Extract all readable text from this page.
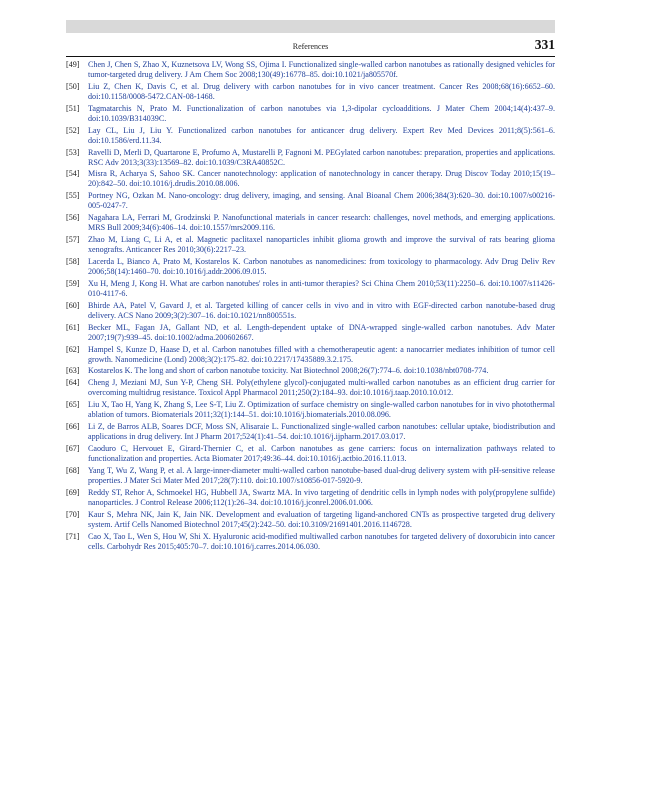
References	331
[49]	Chen J, Chen S, Zhao X, Kuznetsova LV, Wong SS, Ojima I. Functionalized single-walled carbon nanotubes as rationally designed vehicles for tumor-targeted drug delivery. J Am Chem Soc 2008;130(49):16778–85. doi:10.1021/ja805570f.
[50]	Liu Z, Chen K, Davis C, et al. Drug delivery with carbon nanotubes for in vivo cancer treatment. Cancer Res 2008;68(16):6652–60. doi:10.1158/0008-5472.CAN-08-1468.
[51]	Tagmatarchis N, Prato M. Functionalization of carbon nanotubes via 1,3-dipolar cycloadditions. J Mater Chem 2004;14(4):437–9. doi:10.1039/B314039C.
[52]	Lay CL, Liu J, Liu Y. Functionalized carbon nanotubes for anticancer drug delivery. Expert Rev Med Devices 2011;8(5):561–6. doi:10.1586/erd.11.34.
[53]	Ravelli D, Merli D, Quartarone E, Profumo A, Mustarelli P, Fagnoni M. PEGylated carbon nanotubes: preparation, properties and applications. RSC Adv 2013;3(33):13569–82. doi:10.1039/C3RA40852C.
[54]	Misra R, Acharya S, Sahoo SK. Cancer nanotechnology: application of nanotechnology in cancer therapy. Drug Discov Today 2010;15(19–20):842–50. doi:10.1016/j.drudis.2010.08.006.
[55]	Portney NG, Ozkan M. Nano-oncology: drug delivery, imaging, and sensing. Anal Bioanal Chem 2006;384(3):620–30. doi:10.1007/s00216-005-0247-7.
[56]	Nagahara LA, Ferrari M, Grodzinski P. Nanofunctional materials in cancer research: challenges, novel methods, and emerging applications. MRS Bull 2009;34(6):406–14. doi:10.1557/mrs2009.116.
[57]	Zhao M, Liang C, Li A, et al. Magnetic paclitaxel nanoparticles inhibit glioma growth and improve the survival of rats bearing glioma xenografts. Anticancer Res 2010;30(6):2217–23.
[58]	Lacerda L, Bianco A, Prato M, Kostarelos K. Carbon nanotubes as nanomedicines: from toxicology to pharmacology. Adv Drug Deliv Rev 2006;58(14):1460–70. doi:10.1016/j.addr.2006.09.015.
[59]	Xu H, Meng J, Kong H. What are carbon nanotubes' roles in anti-tumor therapies? Sci China Chem 2010;53(11):2250–6. doi:10.1007/s11426-010-4117-6.
[60]	Bhirde AA, Patel V, Gavard J, et al. Targeted killing of cancer cells in vivo and in vitro with EGF-directed carbon nanotube-based drug delivery. ACS Nano 2009;3(2):307–16. doi:10.1021/nn800551s.
[61]	Becker ML, Fagan JA, Gallant ND, et al. Length-dependent uptake of DNA-wrapped single-walled carbon nanotubes. Adv Mater 2007;19(7):939–45. doi:10.1002/adma.200602667.
[62]	Hampel S, Kunze D, Haase D, et al. Carbon nanotubes filled with a chemotherapeutic agent: a nanocarrier mediates inhibition of tumor cell growth. Nanomedicine (Lond) 2008;3(2):175–82. doi:10.2217/17435889.3.2.175.
[63]	Kostarelos K. The long and short of carbon nanotube toxicity. Nat Biotechnol 2008;26(7):774–6. doi:10.1038/nbt0708-774.
[64]	Cheng J, Meziani MJ, Sun Y-P, Cheng SH. Poly(ethylene glycol)-conjugated multi-walled carbon nanotubes as an efficient drug carrier for overcoming multidrug resistance. Toxicol Appl Pharmacol 2011;250(2):184–93. doi:10.1016/j.taap.2010.10.012.
[65]	Liu X, Tao H, Yang K, Zhang S, Lee S-T, Liu Z. Optimization of surface chemistry on single-walled carbon nanotubes for in vivo photothermal ablation of tumors. Biomaterials 2011;32(1):144–51. doi:10.1016/j.biomaterials.2010.08.096.
[66]	Li Z, de Barros ALB, Soares DCF, Moss SN, Alisaraie L. Functionalized single-walled carbon nanotubes: cellular uptake, biodistribution and applications in drug delivery. Int J Pharm 2017;524(1):41–54. doi:10.1016/j.ijpharm.2017.03.017.
[67]	Caoduro C, Hervouet E, Girard-Thernier C, et al. Carbon nanotubes as gene carriers: focus on internalization pathways related to functionalization and properties. Acta Biomater 2017;49:36–44. doi:10.1016/j.actbio.2016.11.013.
[68]	Yang T, Wu Z, Wang P, et al. A large-inner-diameter multi-walled carbon nanotube-based dual-drug delivery system with pH-sensitive release properties. J Mater Sci Mater Med 2017;28(7):110. doi:10.1007/s10856-017-5920-9.
[69]	Reddy ST, Rehor A, Schmoekel HG, Hubbell JA, Swartz MA. In vivo targeting of dendritic cells in lymph nodes with poly(propylene sulfide) nanoparticles. J Control Release 2006;112(1):26–34. doi:10.1016/j.jconrel.2006.01.006.
[70]	Kaur S, Mehra NK, Jain K, Jain NK. Development and evaluation of targeting ligand-anchored CNTs as prospective targeted drug delivery system. Artif Cells Nanomed Biotechnol 2017;45(2):242–50. doi:10.3109/21691401.2016.1146728.
[71]	Cao X, Tao L, Wen S, Hou W, Shi X. Hyaluronic acid-modified multiwalled carbon nanotubes for targeted delivery of doxorubicin into cancer cells. Carbohydr Res 2015;405:70–7. doi:10.1016/j.carres.2014.06.030.
